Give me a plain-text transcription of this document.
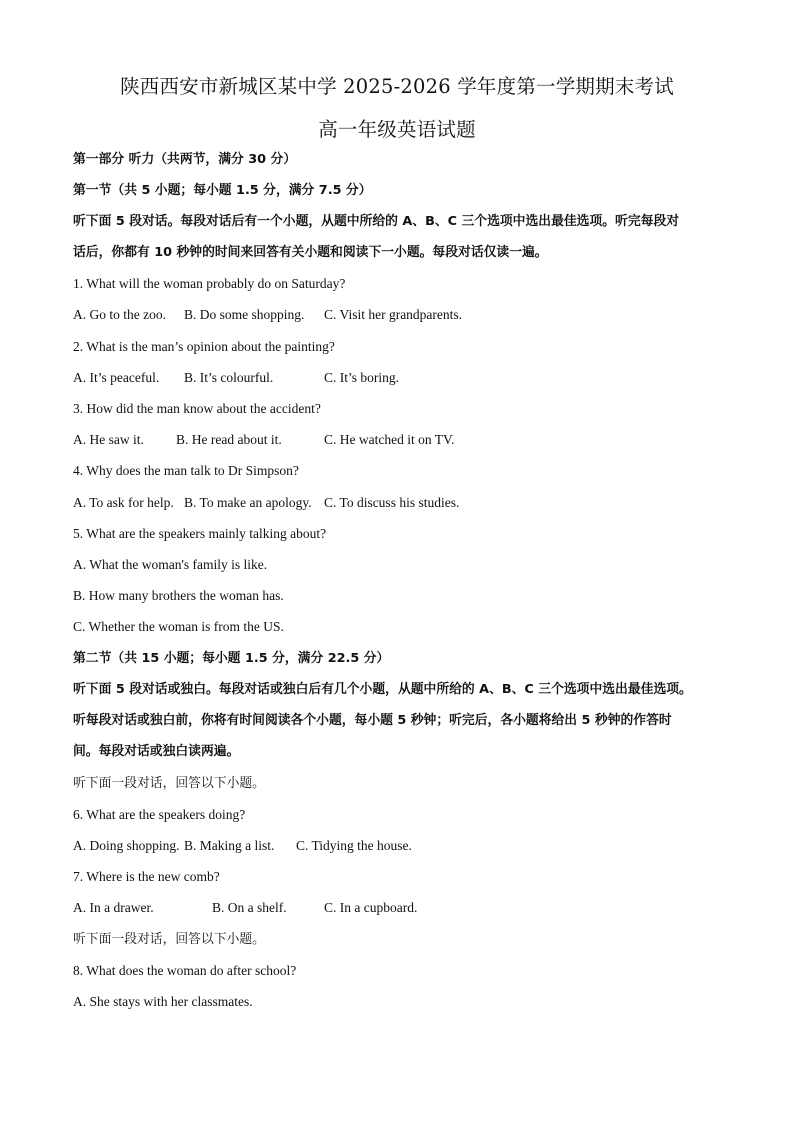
陕西西安市新城区某中学 2025-2026 学年度第一学期期末考试
高一年级英语试题
第一部分 听力（共两节，满分 30 分）
第一节（共 5 小题；每小题 1.5 分，满分 7.5 分）
听下面 5 段对话。每段对话后有一个小题，从题中所给的 A、B、C 三个选项中选出最佳选项。听完每段对
话后，你都有 10 秒钟的时间来回答有关小题和阅读下一小题。每段对话仅读一遍。
1. What will the woman probably do on Saturday?
A. Go to the zoo. B. Do some shopping. C. Visit her grandparents.
2. What is the man’s opinion about the painting?
A. It’s peaceful. B. It’s colourful.	C. It’s boring.
3. How did the man know about the accident?
A. He saw it. B. He read about it.	C. He watched it on TV.
4. Why does the man talk to Dr Simpson?
A. To ask for help. B. To make an apology. C. To discuss his studies.
5. What are the speakers mainly talking about?
A. What the woman's family is like.
B. How many brothers the woman has.
C. Whether the woman is from the US.
第二节（共 15 小题；每小题 1.5 分，满分 22.5 分）
听下面 5 段对话或独白。每段对话或独白后有几个小题，从题中所给的 A、B、C 三个选项中选出最佳选项。
听每段对话或独白前，你将有时间阅读各个小题，每小题 5 秒钟；听完后，各小题将给出 5 秒钟的作答时
间。每段对话或独白读两遍。
听下面一段对话，回答以下小题。
6. What are the speakers doing?
A. Doing shopping. B. Making a list. C. Tidying the house.
7. Where is the new comb?
A. In a drawer.	B. On a shelf.	C. In a cupboard.
听下面一段对话，回答以下小题。
8. What does the woman do after school?
A. She stays with her classmates.
